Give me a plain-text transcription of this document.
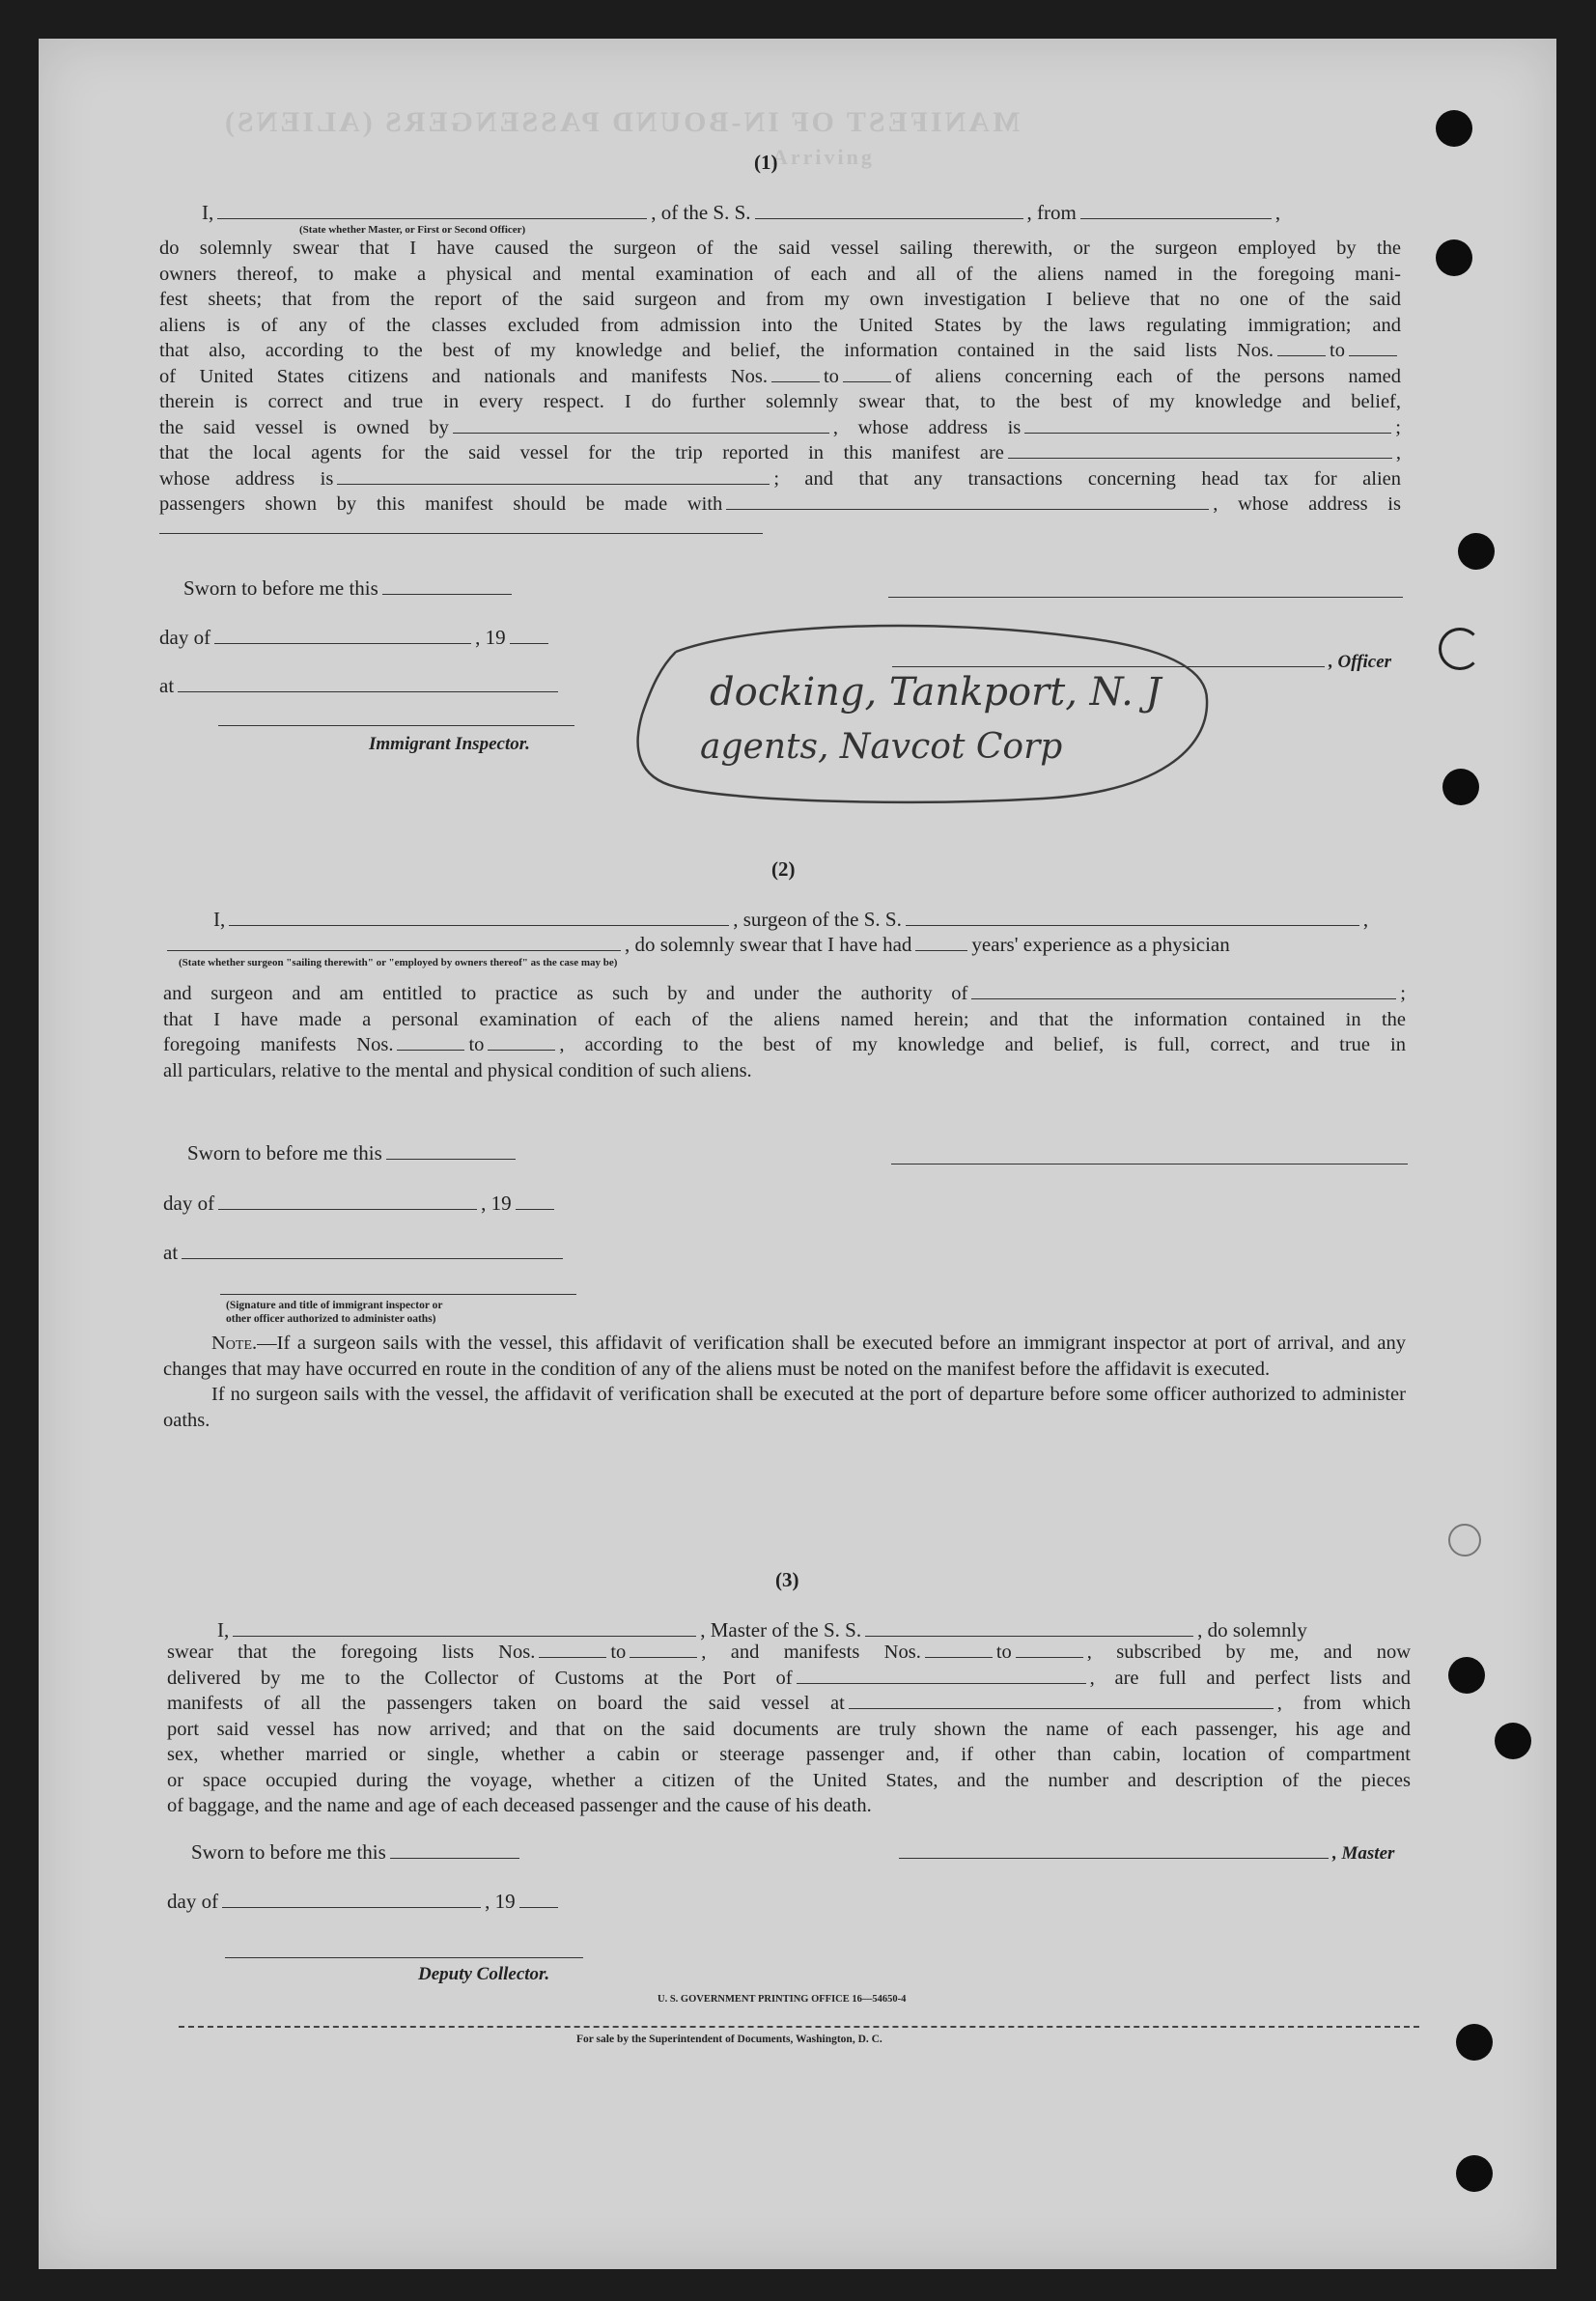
MANIFEST OF IN-BOUND PASSENGERS (ALIENS)
Arriving
(1)
I,	, of the S. S.	, from	,
(State whether Master, or First or Second Officer)
do solemnly swear that I have caused the surgeon of the said vessel sailing therewith, or the surgeon employed by the
owners thereof, to make a physical and mental examination of each and all of the aliens named in the foregoing mani-
fest sheets; that from the report of the said surgeon and from my own investigation I believe that no one of the said
aliens is of any of the classes excluded from admission into the United States by the laws regulating immigration; and
that also, according to the best of my knowledge and belief, the information contained in the said lists Nos.	to
of United States citizens and nationals and manifests Nos.	to	of aliens concerning each of the persons named
therein is correct and true in every respect. I do further solemnly swear that, to the best of my knowledge and belief,
the said vessel is owned by	, whose address is	;
that the local agents for the said vessel for the trip reported in this manifest are	,
whose address is	; and that any transactions concerning head tax for alien
passengers shown by this manifest should be made with	, whose address is
Sworn to before me this
day of	, 19
, Officer
at
Immigrant Inspector.
docking, Tankport, N. J
agents, Navcot Corp
(2)
I,	, surgeon of the S. S.	,
, do solemnly swear that I have had	years' experience as a physician
(State whether surgeon "sailing therewith" or "employed by owners thereof" as the case may be)
and surgeon and am entitled to practice as such by and under the authority of	;
that I have made a personal examination of each of the aliens named herein; and that the information contained in the
foregoing manifests Nos.	to	, according to the best of my knowledge and belief, is full, correct, and true in
all particulars, relative to the mental and physical condition of such aliens.
Sworn to before me this
day of	, 19
at
(Signature and title of immigrant inspector or
other officer authorized to administer oaths)
Note.—If a surgeon sails with the vessel, this affidavit of verification shall be executed before an immigrant inspector at port of arrival, and any changes that may have occurred en route in the condition of any of the aliens must be noted on the manifest before the affidavit is executed.
If no surgeon sails with the vessel, the affidavit of verification shall be executed at the port of departure before some officer authorized to administer oaths.
(3)
I,	, Master of the S. S.	, do solemnly
swear that the foregoing lists Nos.	to	, and manifests Nos.	to	, subscribed by me, and now
delivered by me to the Collector of Customs at the Port of	, are full and perfect lists and
manifests of all the passengers taken on board the said vessel at	, from which
port said vessel has now arrived; and that on the said documents are truly shown the name of each passenger, his age and
sex, whether married or single, whether a cabin or steerage passenger and, if other than cabin, location of compartment
or space occupied during the voyage, whether a citizen of the United States, and the number and description of the pieces
of baggage, and the name and age of each deceased passenger and the cause of his death.
Sworn to before me this	, Master
day of	, 19
Deputy Collector.
U. S. GOVERNMENT PRINTING OFFICE 16—54650-4
For sale by the Superintendent of Documents, Washington, D. C.
